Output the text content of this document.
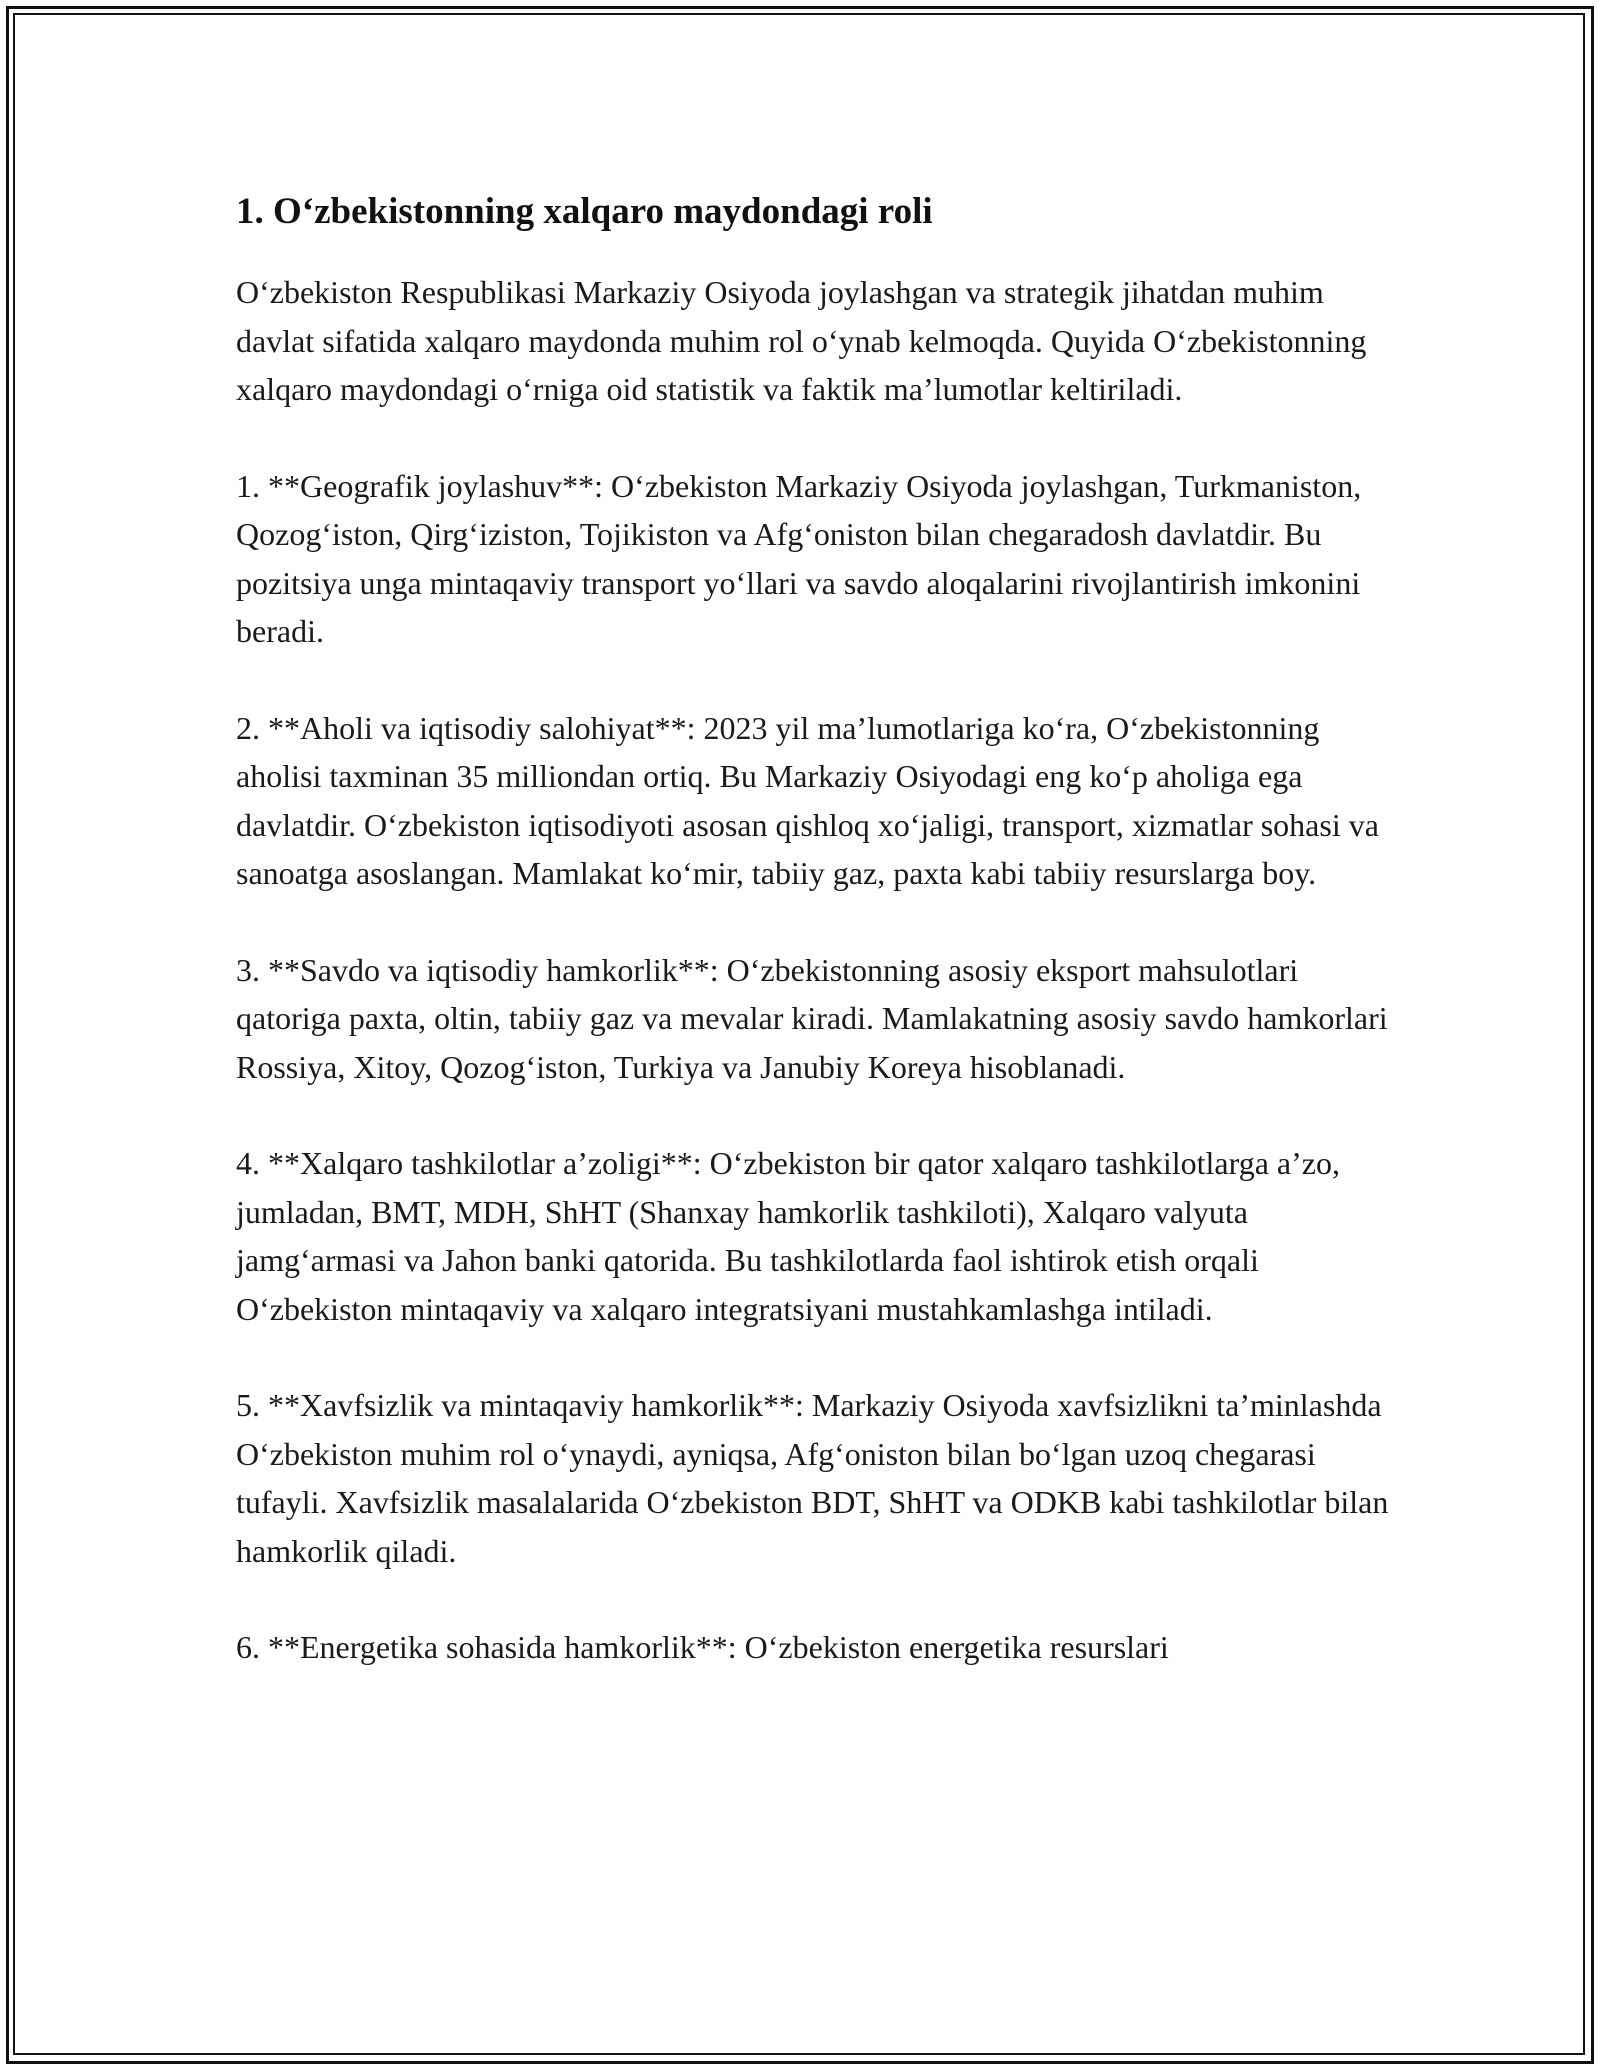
1. O‘zbekistonning xalqaro maydondagi roli

O‘zbekiston Respublikasi Markaziy Osiyoda joylashgan va strategik jihatdan muhim davlat sifatida xalqaro maydonda muhim rol o‘ynab kelmoqda. Quyida O‘zbekistonning xalqaro maydondagi o‘rniga oid statistik va faktik ma’lumotlar keltiriladi.

1. **Geografik joylashuv**: O‘zbekiston Markaziy Osiyoda joylashgan, Turkmaniston, Qozog‘iston, Qirg‘iziston, Tojikiston va Afg‘oniston bilan chegaradosh davlatdir. Bu pozitsiya unga mintaqaviy transport yo‘llari va savdo aloqalarini rivojlantirish imkonini beradi.

2. **Aholi va iqtisodiy salohiyat**: 2023 yil ma’lumotlariga ko‘ra, O‘zbekistonning aholisi taxminan 35 milliondan ortiq. Bu Markaziy Osiyodagi eng ko‘p aholiga ega davlatdir. O‘zbekiston iqtisodiyoti asosan qishloq xo‘jaligi, transport, xizmatlar sohasi va sanoatga asoslangan. Mamlakat ko‘mir, tabiiy gaz, paxta kabi tabiiy resurslarga boy.

3. **Savdo va iqtisodiy hamkorlik**: O‘zbekistonning asosiy eksport mahsulotlari qatoriga paxta, oltin, tabiiy gaz va mevalar kiradi. Mamlakatning asosiy savdo hamkorlari Rossiya, Xitoy, Qozog‘iston, Turkiya va Janubiy Koreya hisoblanadi.

4. **Xalqaro tashkilotlar a’zoligi**: O‘zbekiston bir qator xalqaro tashkilotlarga a’zo, jumladan, BMT, MDH, ShHT (Shanxay hamkorlik tashkiloti), Xalqaro valyuta jamg‘armasi va Jahon banki qatorida. Bu tashkilotlarda faol ishtirok etish orqali O‘zbekiston mintaqaviy va xalqaro integratsiyani mustahkamlashga intiladi.

5. **Xavfsizlik va mintaqaviy hamkorlik**: Markaziy Osiyoda xavfsizlikni ta’minlashda O‘zbekiston muhim rol o‘ynaydi, ayniqsa, Afg‘oniston bilan bo‘lgan uzoq chegarasi tufayli. Xavfsizlik masalalarida O‘zbekiston BDT, ShHT va ODKB kabi tashkilotlar bilan hamkorlik qiladi.

6. **Energetika sohasida hamkorlik**: O‘zbekiston energetika resurslari
